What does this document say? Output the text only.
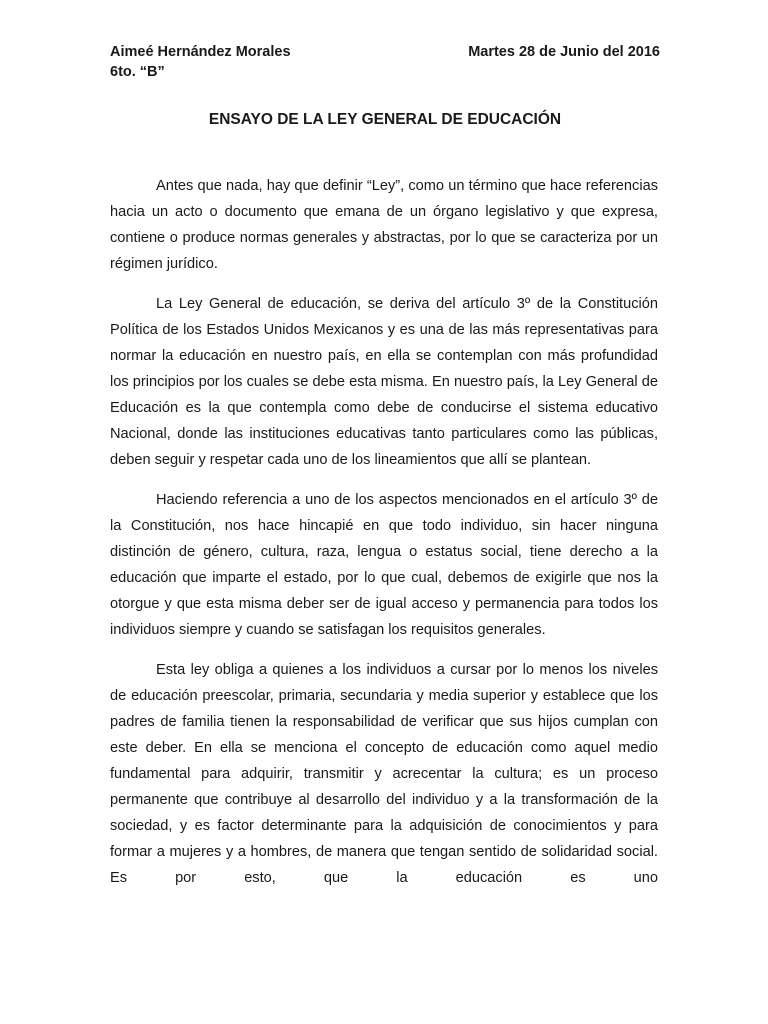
Aimeé Hernández Morales	Martes 28 de Junio del 2016
6to. “B”
ENSAYO DE LA LEY GENERAL DE EDUCACIÓN

Antes que nada, hay que definir “Ley”, como un término que hace referencias hacia un acto o documento que emana de un órgano legislativo y que expresa, contiene o produce normas generales y abstractas, por lo que se caracteriza por un régimen jurídico.

La Ley General de educación, se deriva del artículo 3º de la Constitución Política de los Estados Unidos Mexicanos y es una de las más representativas para normar la educación en nuestro país, en ella se contemplan con más profundidad los principios por los cuales se debe esta misma. En nuestro país, la Ley General de Educación es la que contempla como debe de conducirse el sistema educativo Nacional, donde las instituciones educativas tanto particulares como las públicas, deben seguir y respetar cada uno de los lineamientos que allí se plantean.

Haciendo referencia a uno de los aspectos mencionados en el artículo 3º de la Constitución, nos hace hincapié en que todo individuo, sin hacer ninguna distinción de género, cultura, raza, lengua o estatus social, tiene derecho a la educación que imparte el estado, por lo que cual, debemos de exigirle que nos la otorgue y que esta misma deber ser de igual acceso y permanencia para todos los individuos siempre y cuando se satisfagan los requisitos generales.

Esta ley obliga a quienes a los individuos a cursar por lo menos los niveles de educación preescolar, primaria, secundaria y media superior y establece que los padres de familia tienen la responsabilidad de verificar que sus hijos cumplan con este deber. En ella se menciona el concepto de educación como aquel medio fundamental para adquirir, transmitir y acrecentar la cultura; es un proceso permanente que contribuye al desarrollo del individuo y a la transformación de la sociedad, y es factor determinante para la adquisición de conocimientos y para formar a mujeres y a hombres, de manera que tengan sentido de solidaridad social. Es por esto, que la educación es uno
